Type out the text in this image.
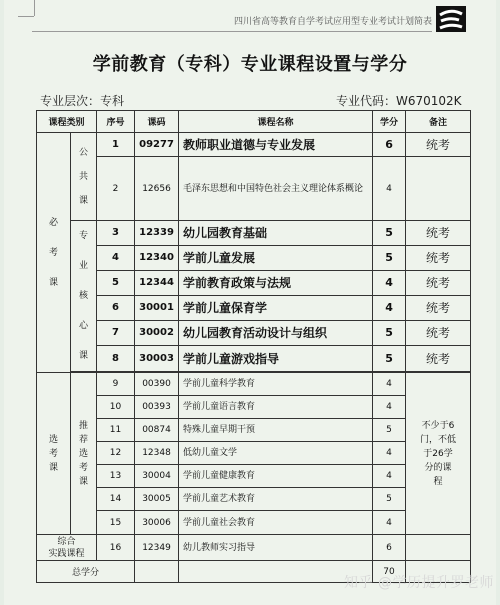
四川省高等教育自学考试应用型专业考试计划简表
学前教育（专科）专业课程设置与学分
专业层次：专科	专业代码：W670102K
课程类别		序号	课码	课程名称	学分	备注
必
考
课	公
共
课	1	09277	教师职业道德与专业发展	6	统考
		2	12656	毛泽东思想和中国特色社会主义理论体系概论	4	
	专
业
核
心
课	3	12339	幼儿园教育基础	5	统考
		4	12340	学前儿童发展	5	统考
		5	12344	学前教育政策与法规	4	统考
		6	30001	学前儿童保育学	4	统考
		7	30002	幼儿园教育活动设计与组织	5	统考
		8	30003	学前儿童游戏指导	5	统考

选
考
课	推
荐
选
考
课	9	00390	学前儿童科学教育	4	不少于6
门，不低
于26学
分的课
程
		10	00393	学前儿童语言教育	4	
		11	00874	特殊儿童早期干预	5	
		12	12348	低幼儿童文学	4	
		13	30004	学前儿童健康教育	4	
		14	30005	学前儿童艺术教育	5	
		15	30006	学前儿童社会教育	4	
综合
实践课程		16	12349	幼儿教师实习指导	6	
总学分					70	
知乎 @学历提升罗老师
